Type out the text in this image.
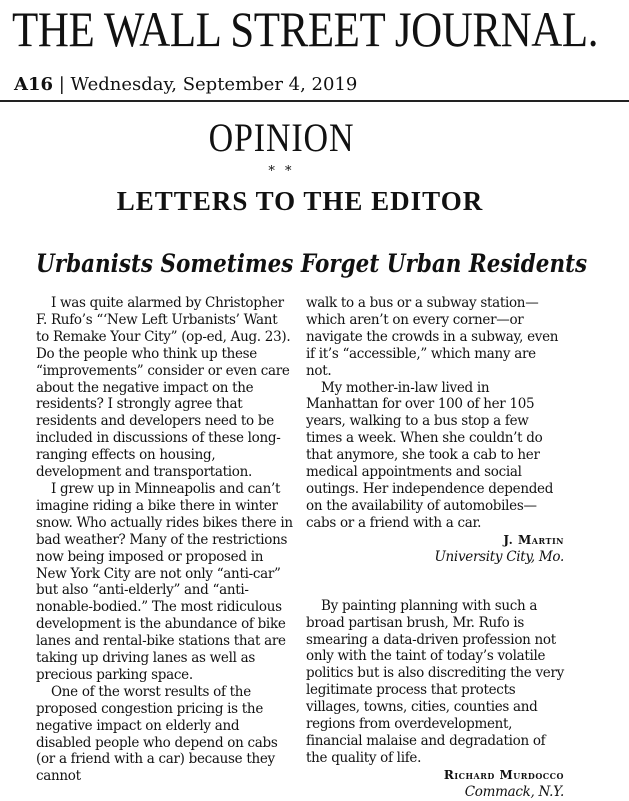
THE WALL STREET JOURNAL.
A16 | Wednesday, September 4, 2019
OPINION
* *
LETTERS TO THE EDITOR
Urbanists Sometimes Forget Urban Residents

I was quite alarmed by Christopher F. Rufo’s “‘New Left Urbanists’ Want to Remake Your City” (op-ed, Aug. 23). Do the people who think up these “improvements” consider or even care about the negative impact on the residents? I strongly agree that residents and developers need to be included in discussions of these long-ranging effects on housing, development and transportation.

I grew up in Minneapolis and can’t imagine riding a bike there in winter snow. Who actually rides bikes there in bad weather? Many of the restrictions now being imposed or proposed in New York City are not only “anti-car” but also “anti-elderly” and “anti-nonable-bodied.” The most ridiculous development is the abundance of bike lanes and rental-bike stations that are taking up driving lanes as well as precious parking space.

One of the worst results of the proposed congestion pricing is the negative impact on elderly and disabled people who depend on cabs (or a friend with a car) because they cannot

walk to a bus or a subway station—which aren’t on every corner—or navigate the crowds in a subway, even if it’s “accessible,” which many are not.

My mother-in-law lived in Manhattan for over 100 of her 105 years, walking to a bus stop a few times a week. When she couldn’t do that anymore, she took a cab to her medical appointments and social outings. Her independence depended on the availability of automobiles—cabs or a friend with a car.

J. Martin
University City, Mo.

By painting planning with such a broad partisan brush, Mr. Rufo is smearing a data-driven profession not only with the taint of today’s volatile politics but is also discrediting the very legitimate process that protects villages, towns, cities, counties and regions from overdevelopment, financial malaise and degradation of the quality of life.

Richard Murdocco
Commack, N.Y.
